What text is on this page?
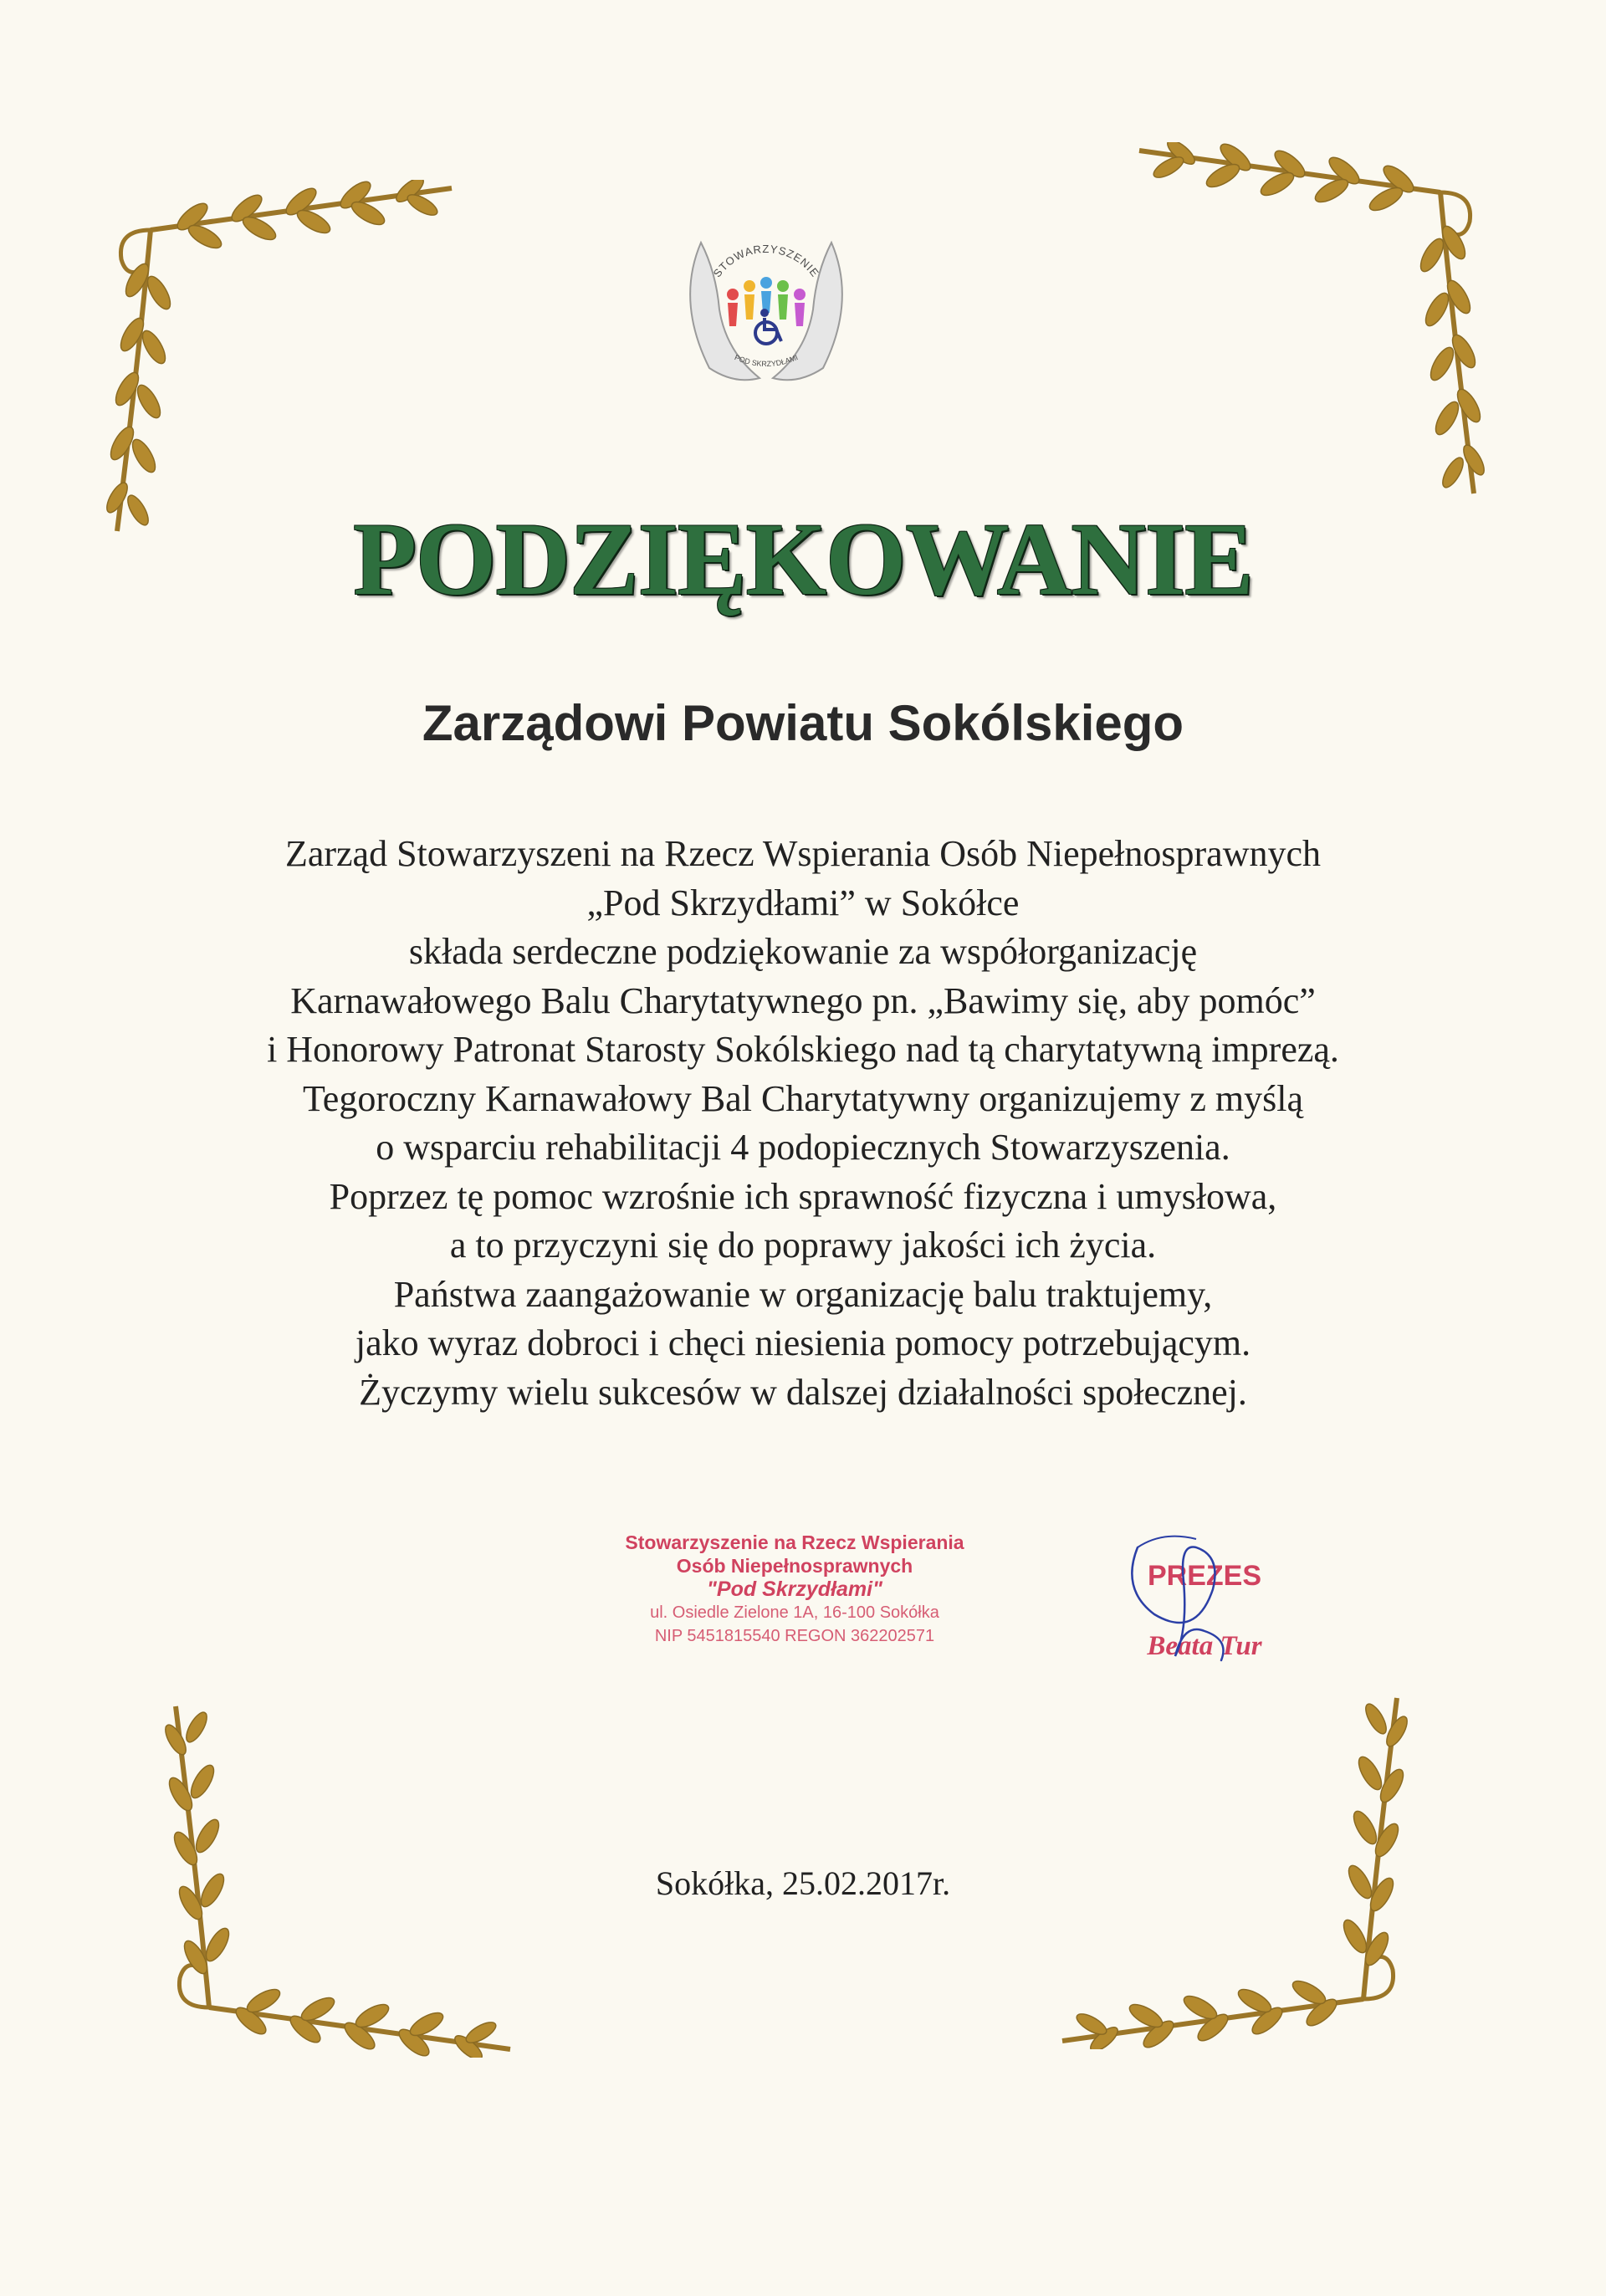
STOWARZYSZENIE
POD SKRZYDŁAMI
PODZIĘKOWANIE
Zarządowi Powiatu Sokólskiego
Zarząd Stowarzyszeni na Rzecz Wspierania Osób Niepełnosprawnych
„Pod Skrzydłami” w Sokółce
składa serdeczne podziękowanie za współorganizację
Karnawałowego Balu Charytatywnego pn. „Bawimy się, aby pomóc”
i Honorowy Patronat Starosty Sokólskiego nad tą charytatywną imprezą.
Tegoroczny Karnawałowy Bal Charytatywny organizujemy z myślą
o wsparciu rehabilitacji 4 podopiecznych Stowarzyszenia.
Poprzez tę pomoc wzrośnie ich sprawność fizyczna i umysłowa,
a to przyczyni się do poprawy jakości ich życia.
Państwa zaangażowanie w organizację balu traktujemy,
jako wyraz dobroci i chęci niesienia pomocy potrzebującym.
Życzymy wielu sukcesów w dalszej działalności społecznej.
Stowarzyszenie na Rzecz Wspierania
Osób Niepełnosprawnych
"Pod Skrzydłami"
ul. Osiedle Zielone 1A, 16-100 Sokółka
NIP 5451815540 REGON 362202571
PREZES
Beata Tur
Sokółka, 25.02.2017r.
